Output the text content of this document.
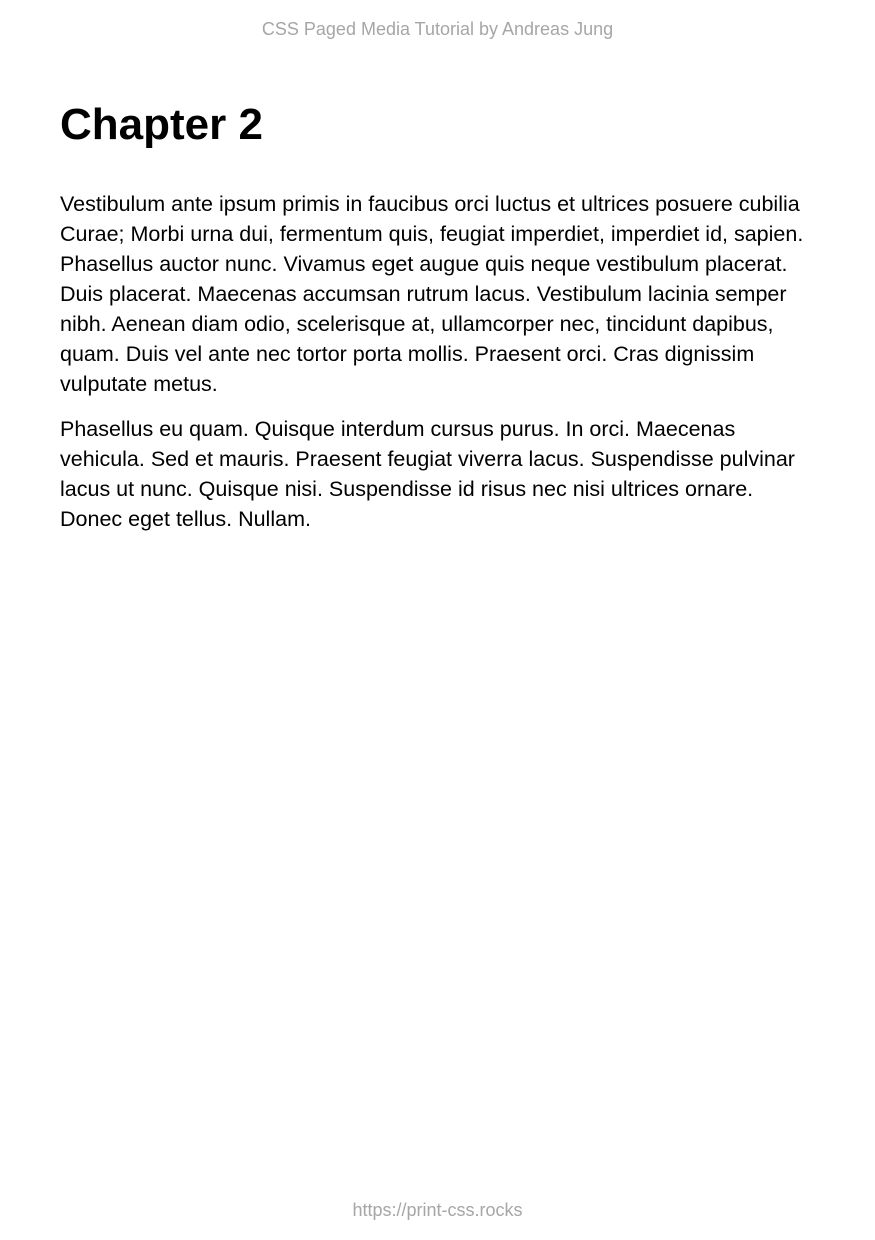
CSS Paged Media Tutorial by Andreas Jung
Chapter 2

Vestibulum ante ipsum primis in faucibus orci luctus et ultrices posuere cubilia Curae; Morbi urna dui, fermentum quis, feugiat imperdiet, imperdiet id, sapien. Phasellus auctor nunc. Vivamus eget augue quis neque vestibulum placerat. Duis placerat. Maecenas accumsan rutrum lacus. Vestibulum lacinia semper nibh. Aenean diam odio, scelerisque at, ullamcorper nec, tincidunt dapibus, quam. Duis vel ante nec tortor porta mollis. Praesent orci. Cras dignissim vulputate metus.

Phasellus eu quam. Quisque interdum cursus purus. In orci. Maecenas vehicula. Sed et mauris. Praesent feugiat viverra lacus. Suspendisse pulvinar lacus ut nunc. Quisque nisi. Suspendisse id risus nec nisi ultrices ornare. Donec eget tellus. Nullam.

https://print-css.rocks
